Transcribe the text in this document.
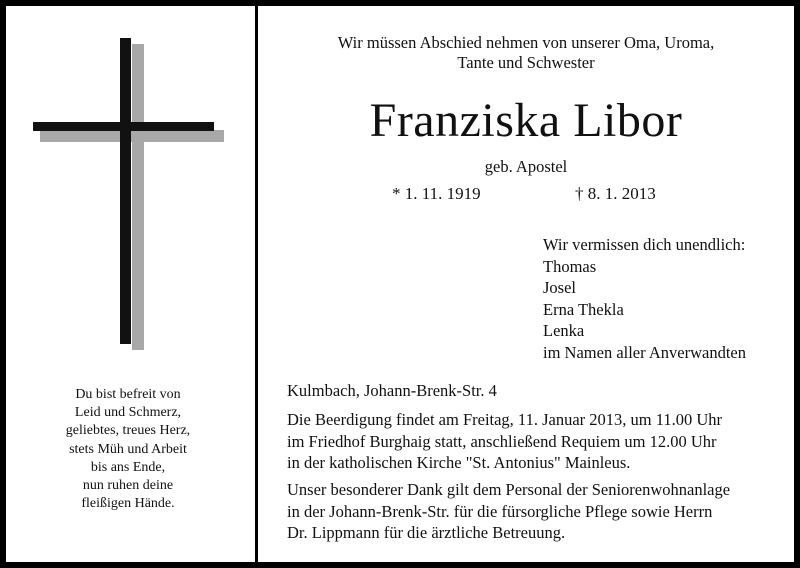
Du bist befreit von
Leid und Schmerz,
geliebtes, treues Herz,
stets Müh und Arbeit
bis ans Ende,
nun ruhen deine
fleißigen Hände.
Wir müssen Abschied nehmen von unserer Oma, Uroma,
Tante und Schwester
Franziska Libor
geb. Apostel
* 1. 11. 1919	† 8. 1. 2013
Wir vermissen dich unendlich:
Thomas
Josel
Erna Thekla
Lenka
im Namen aller Anverwandten
Kulmbach, Johann-Brenk-Str. 4
Die Beerdigung findet am Freitag, 11. Januar 2013, um 11.00 Uhr
im Friedhof Burghaig statt, anschließend Requiem um 12.00 Uhr
in der katholischen Kirche "St. Antonius" Mainleus.
Unser besonderer Dank gilt dem Personal der Seniorenwohnanlage
in der Johann-Brenk-Str. für die fürsorgliche Pflege sowie Herrn
Dr. Lippmann für die ärztliche Betreuung.
